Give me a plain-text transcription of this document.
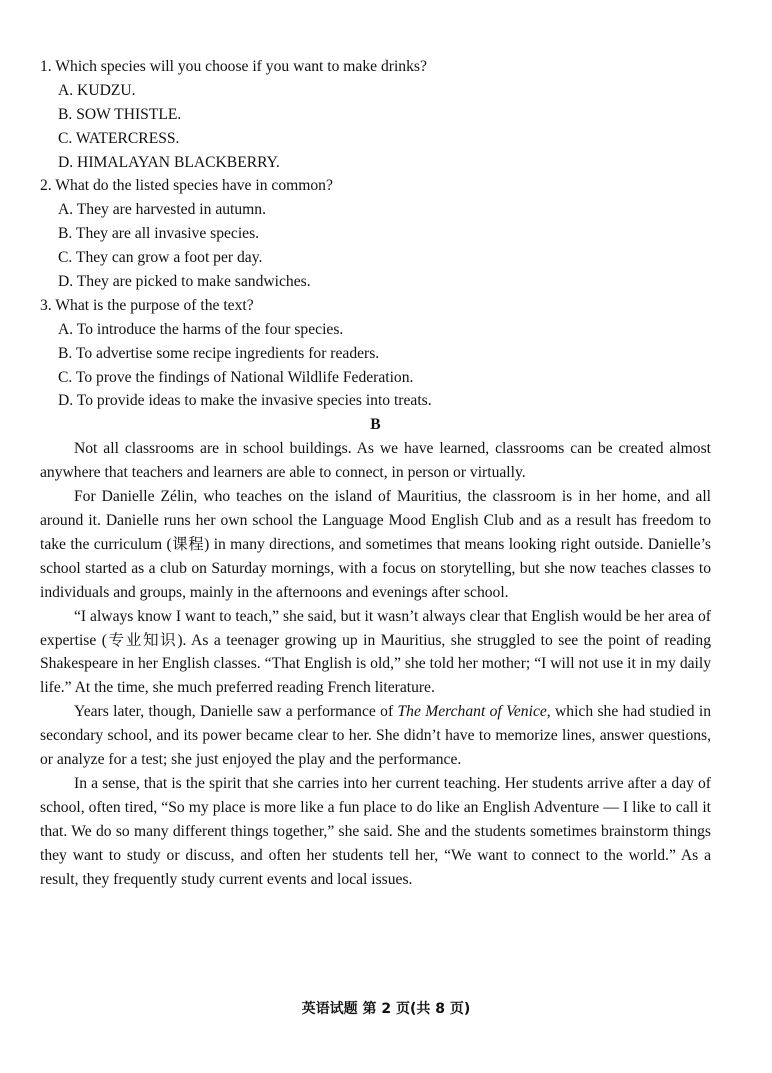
1. Which species will you choose if you want to make drinks?
A. KUDZU.
B. SOW THISTLE.
C. WATERCRESS.
D. HIMALAYAN BLACKBERRY.
2. What do the listed species have in common?
A. They are harvested in autumn.
B. They are all invasive species.
C. They can grow a foot per day.
D. They are picked to make sandwiches.
3. What is the purpose of the text?
A. To introduce the harms of the four species.
B. To advertise some recipe ingredients for readers.
C. To prove the findings of National Wildlife Federation.
D. To provide ideas to make the invasive species into treats.
B

Not all classrooms are in school buildings. As we have learned, classrooms can be created almost anywhere that teachers and learners are able to connect, in person or virtually.

For Danielle Zélin, who teaches on the island of Mauritius, the classroom is in her home, and all around it. Danielle runs her own school the Language Mood English Club and as a result has freedom to take the curriculum (课程) in many directions, and sometimes that means looking right outside. Danielle’s school started as a club on Saturday mornings, with a focus on storytelling, but she now teaches classes to individuals and groups, mainly in the afternoons and evenings after school.

“I always know I want to teach,” she said, but it wasn’t always clear that English would be her area of expertise (专业知识). As a teenager growing up in Mauritius, she struggled to see the point of reading Shakespeare in her English classes. “That English is old,” she told her mother; “I will not use it in my daily life.” At the time, she much preferred reading French literature.

Years later, though, Danielle saw a performance of The Merchant of Venice, which she had studied in secondary school, and its power became clear to her. She didn’t have to memorize lines, answer questions, or analyze for a test; she just enjoyed the play and the performance.

In a sense, that is the spirit that she carries into her current teaching. Her students arrive after a day of school, often tired, “So my place is more like a fun place to do like an English Adventure — I like to call it that. We do so many different things together,” she said. She and the students sometimes brainstorm things they want to study or discuss, and often her students tell her, “We want to connect to the world.” As a result, they frequently study current events and local issues.

英语试题 第 2 页(共 8 页)
